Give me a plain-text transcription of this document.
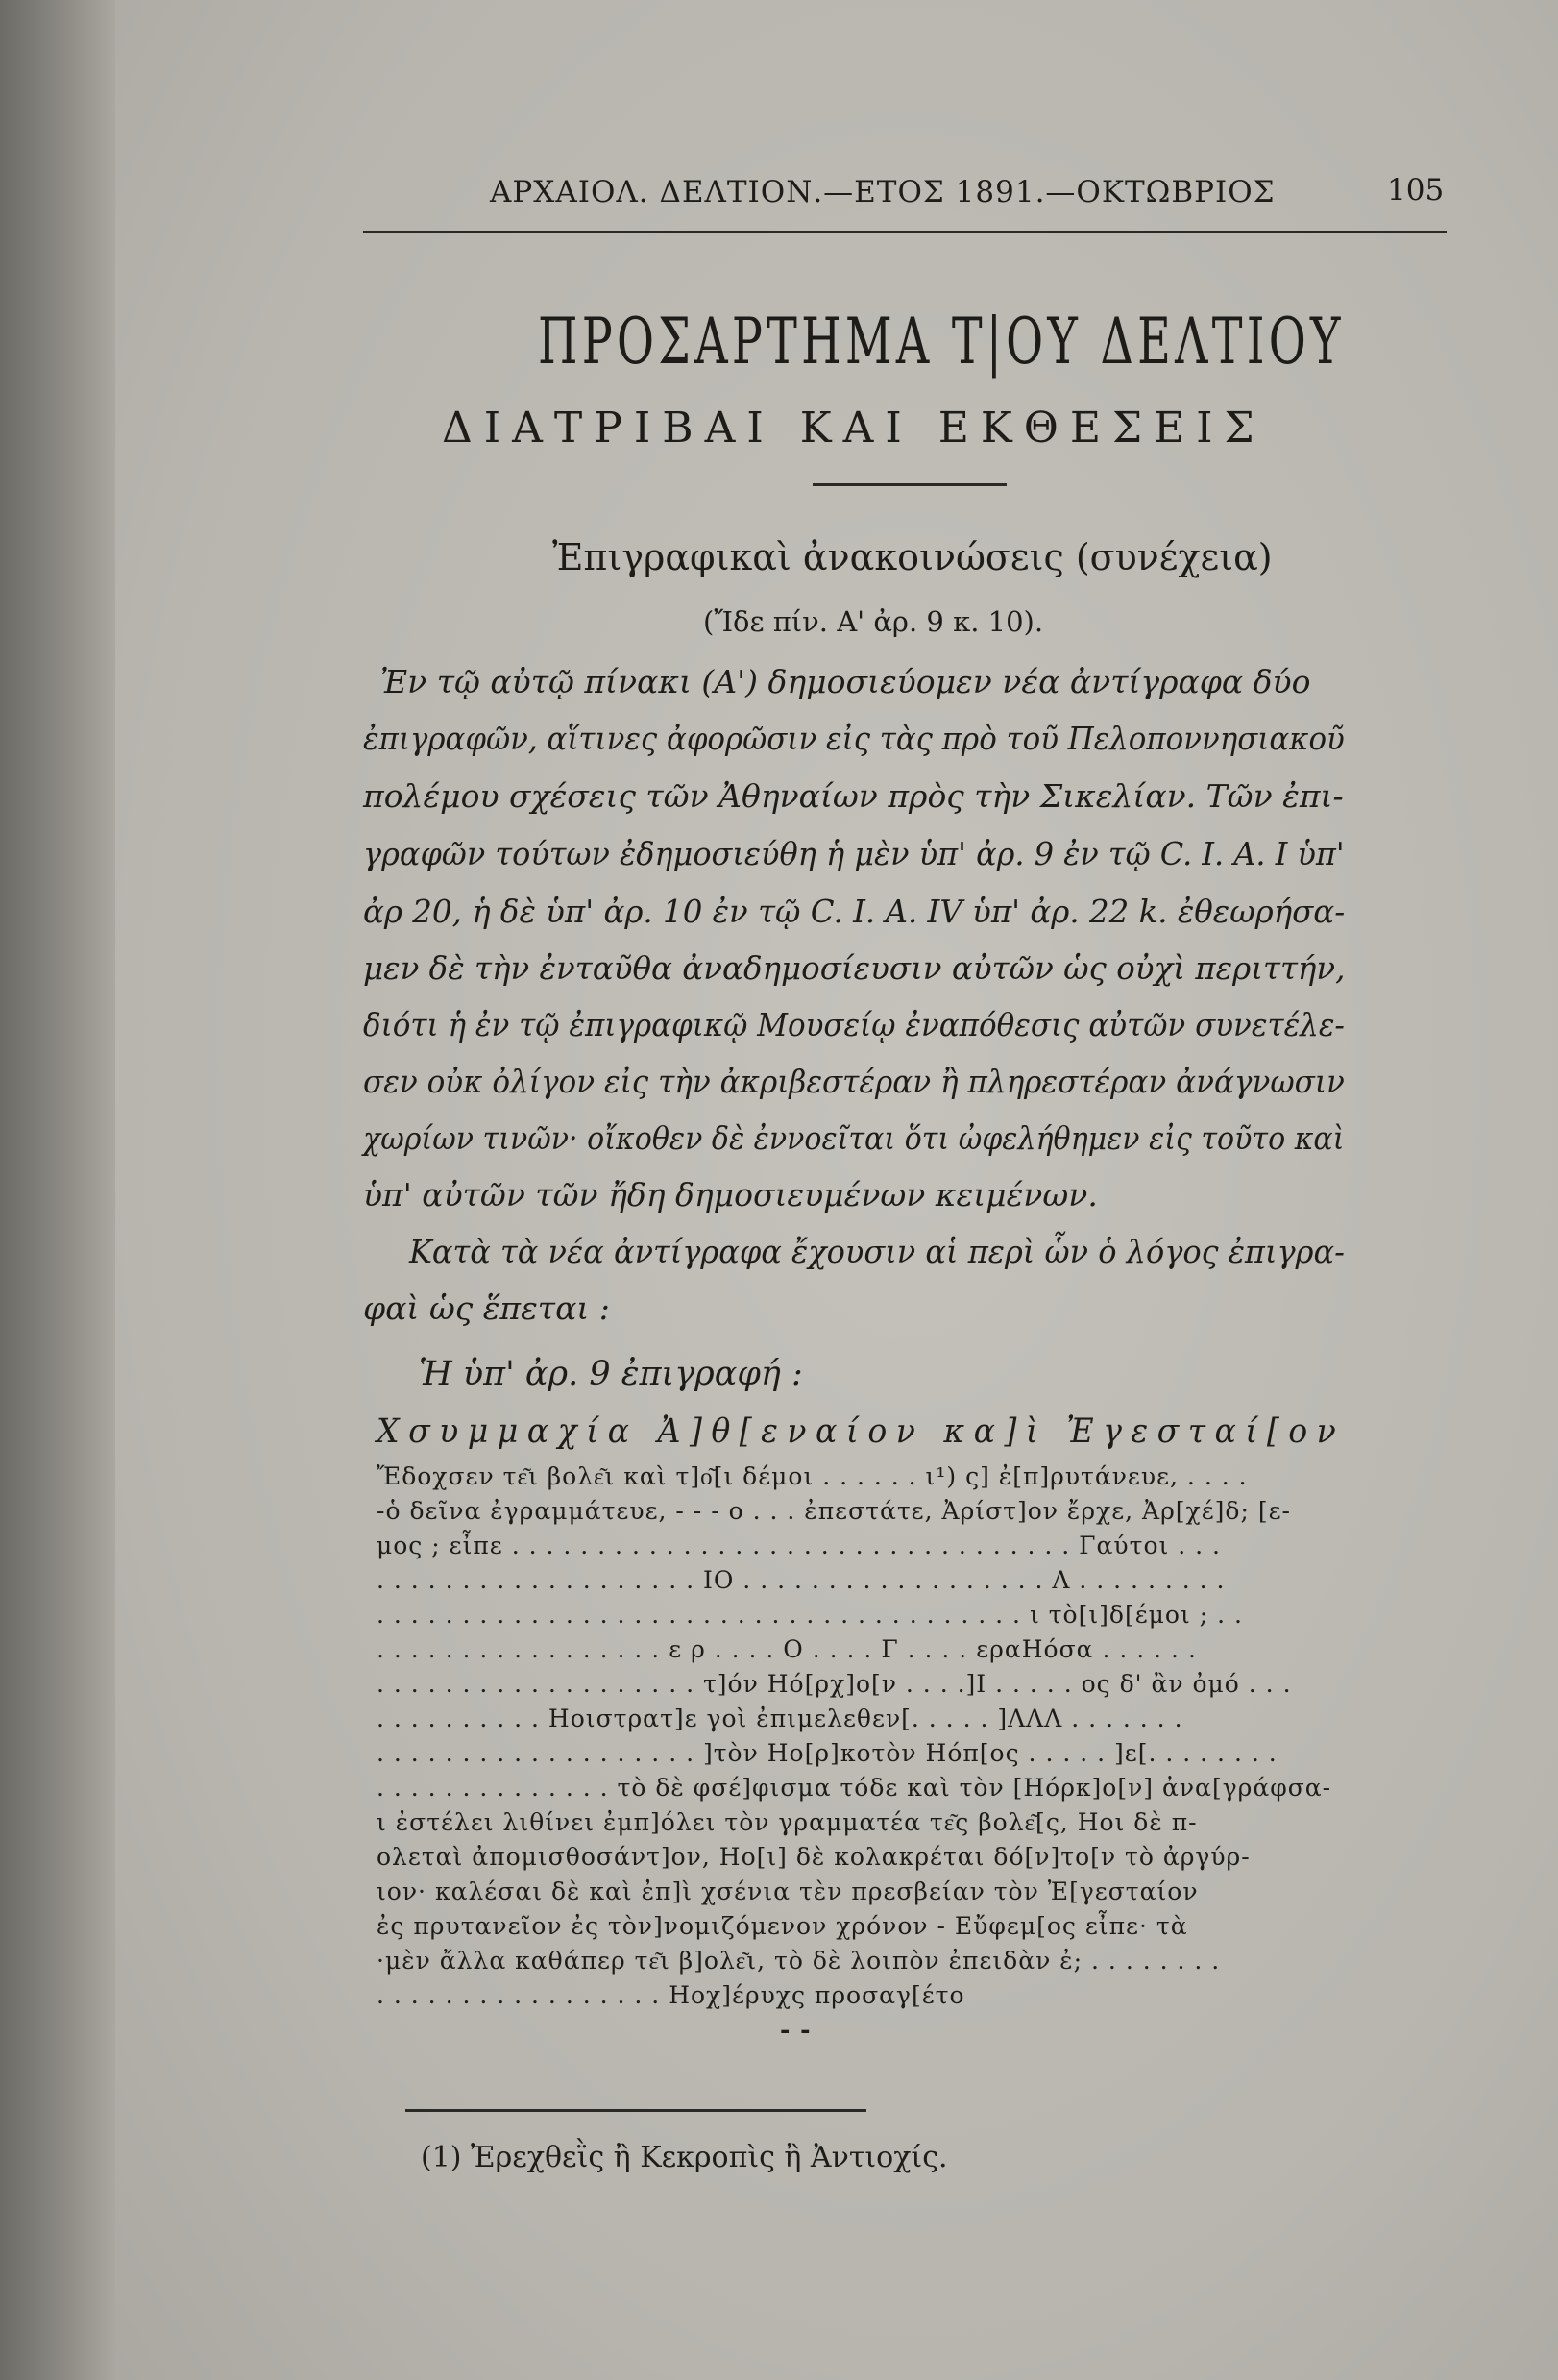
ΑΡΧΑΙΟΛ. ΔΕΛΤΙΟΝ.—ΕΤΟΣ 1891.—ΟΚΤΩΒΡΙΟΣ	105
ΠΡΟΣΑΡΤΗΜΑ Τ|ΟΥ ΔΕΛΤΙΟΥ
ΔΙΑΤΡΙΒΑΙ ΚΑΙ ΕΚΘΕΣΕΙΣ
Ἐπιγραφικαὶ ἀνακοινώσεις (συνέχεια)
(Ἴδε πίν. Α' ἀρ. 9 κ. 10).
Ἐν τῷ αὐτῷ πίνακι (Α') δημοσιεύομεν νέα ἀντίγραφα δύο
ἐπιγραφῶν, αἵτινες ἀφορῶσιν εἰς τὰς πρὸ τοῦ Πελοποννησιακοῦ
πολέμου σχέσεις τῶν Ἀθηναίων πρὸς τὴν Σικελίαν. Τῶν ἐπι-
γραφῶν τούτων ἐδημοσιεύθη ἡ μὲν ὑπ' ἀρ. 9 ἐν τῷ C. I. A. I ὑπ'
ἀρ 20, ἡ δὲ ὑπ' ἀρ. 10 ἐν τῷ C. I. A. IV ὑπ' ἀρ. 22 k. ἐθεωρήσα-
μεν δὲ τὴν ἐνταῦθα ἀναδημοσίευσιν αὐτῶν ὡς οὐχὶ περιττήν,
διότι ἡ ἐν τῷ ἐπιγραφικῷ Μουσείῳ ἐναπόθεσις αὐτῶν συνετέλε-
σεν οὐκ ὀλίγον εἰς τὴν ἀκριβεστέραν ἢ πληρεστέραν ἀνάγνωσιν
χωρίων τινῶν· οἴκοθεν δὲ ἐννοεῖται ὅτι ὠφελήθημεν εἰς τοῦτο καὶ
ὑπ' αὐτῶν τῶν ἤδη δημοσιευμένων κειμένων.
Κατὰ τὰ νέα ἀντίγραφα ἔχουσιν αἱ περὶ ὧν ὁ λόγος ἐπιγρα-
φαὶ ὡς ἕπεται :
Ἡ ὑπ' ἀρ. 9 ἐπιγραφή :
Χσυμμαχία Ἀ]θ[εναίον κα]ὶ Ἐγεσταί[ον
Ἔδοχσεν τε͂ι βολε͂ι καὶ τ]ο͂[ι δέμοι . . . . . . ι¹) ς] ἐ[π]ρυτάνευε, . . . .
-ὁ δεῖνα ἐγραμμάτευε, - - - ο . . . ἐπεστάτε, Ἀρίστ]ον ἔρχε, Ἀρ[χέ]δ; [ε-
μος ; εἶπε . . . . . . . . . . . . . . . . . . . . . . . . . . . . . . . . . Γαύτοι . . .
. . . . . . . . . . . . . . . . . . . IO . . . . . . . . . . . . . . . . . . Λ . . . . . . . . .
. . . . . . . . . . . . . . . . . . . . . . . . . . . . . . . . . . . . . . ι τὸ[ι]δ[έμοι ; . .
. . . . . . . . . . . . . . . . . ε ρ . . . . Ο . . . . Γ . . . . εραΗόσα . . . . . .
. . . . . . . . . . . . . . . . . . . τ]όν Hό[ρχ]ο[ν . . . .]I . . . . . ος δ' ἂν ὀμό . . .
. . . . . . . . . . Hοιστρατ]ε γοὶ ἐπιμελεθεν[. . . . . ]ΛΛΛ . . . . . . .
. . . . . . . . . . . . . . . . . . . ]τὸν Hο[ρ]κοτὸν Hόπ[ος . . . . . ]ε[. . . . . . . .
. . . . . . . . . . . . . . τὸ δὲ φσέ]φισμα τόδε καὶ τὸν [Hόρκ]ο[ν] ἀνα[γράφσα-
ι ἐστέλει λιθίνει ἐμπ]όλει τὸν γραμματέα τε͂ς βολε͂[ς, Hοι δὲ π-
ολεταὶ ἀπομισθοσάντ]ον, Hο[ι] δὲ κολακρέται δό[ν]το[ν τὸ ἀργύρ-
ιον· καλέσαι δὲ καὶ ἐπ]ὶ χσένια τὲν πρεσβείαν τὸν Ἐ[γεσταίον
ἐς πρυτανεῖον ἐς τὸν]νομιζόμενον χρόνον - Εὔφεμ[ος εἶπε· τὰ
·μὲν ἄλλα καθάπερ τε͂ι β]ολε͂ι, τὸ δὲ λοιπὸν ἐπειδὰν ἐ; . . . . . . . .
. . . . . . . . . . . . . . . . . Hοχ]έρυχς προσαγ[έτο
- -
(1) Ἐρεχθεῒς ἢ Κεκροπὶς ἢ Ἀντιοχίς.
